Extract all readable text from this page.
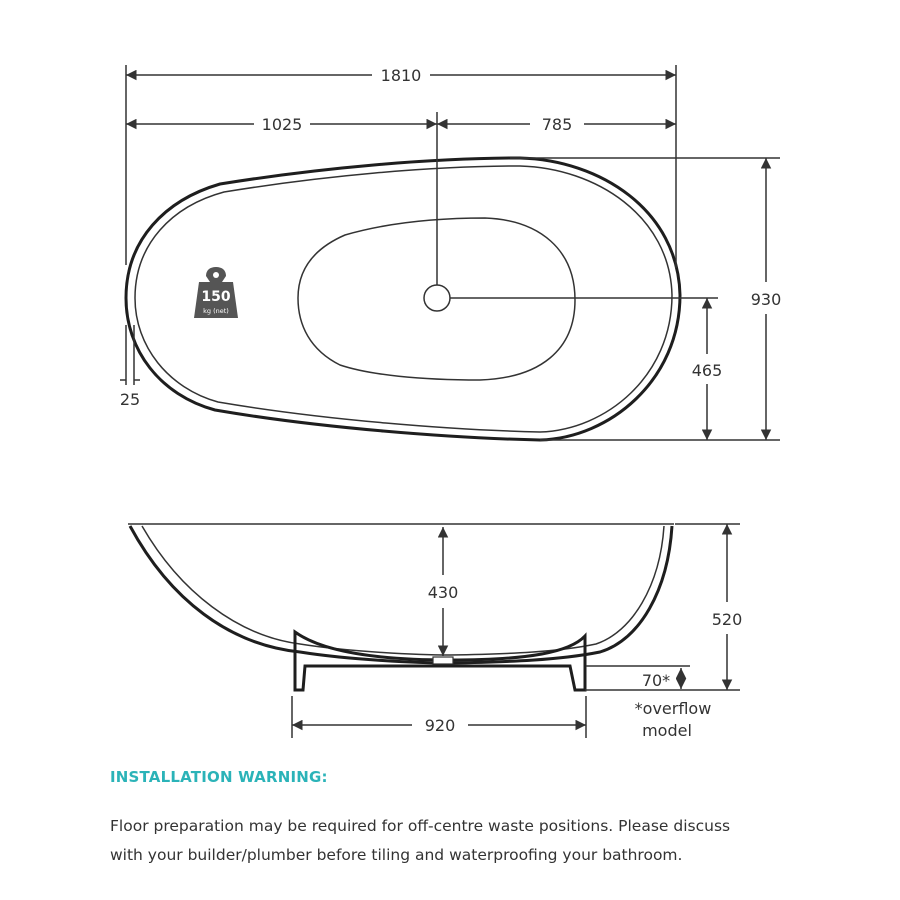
1810
1025	785
930
465
25
150
kg (net)
430
520
70*
920
*overflow
model
INSTALLATION WARNING:

Floor preparation may be required for off-centre waste positions. Please discuss
with your builder/plumber before tiling and waterproofing your bathroom.
